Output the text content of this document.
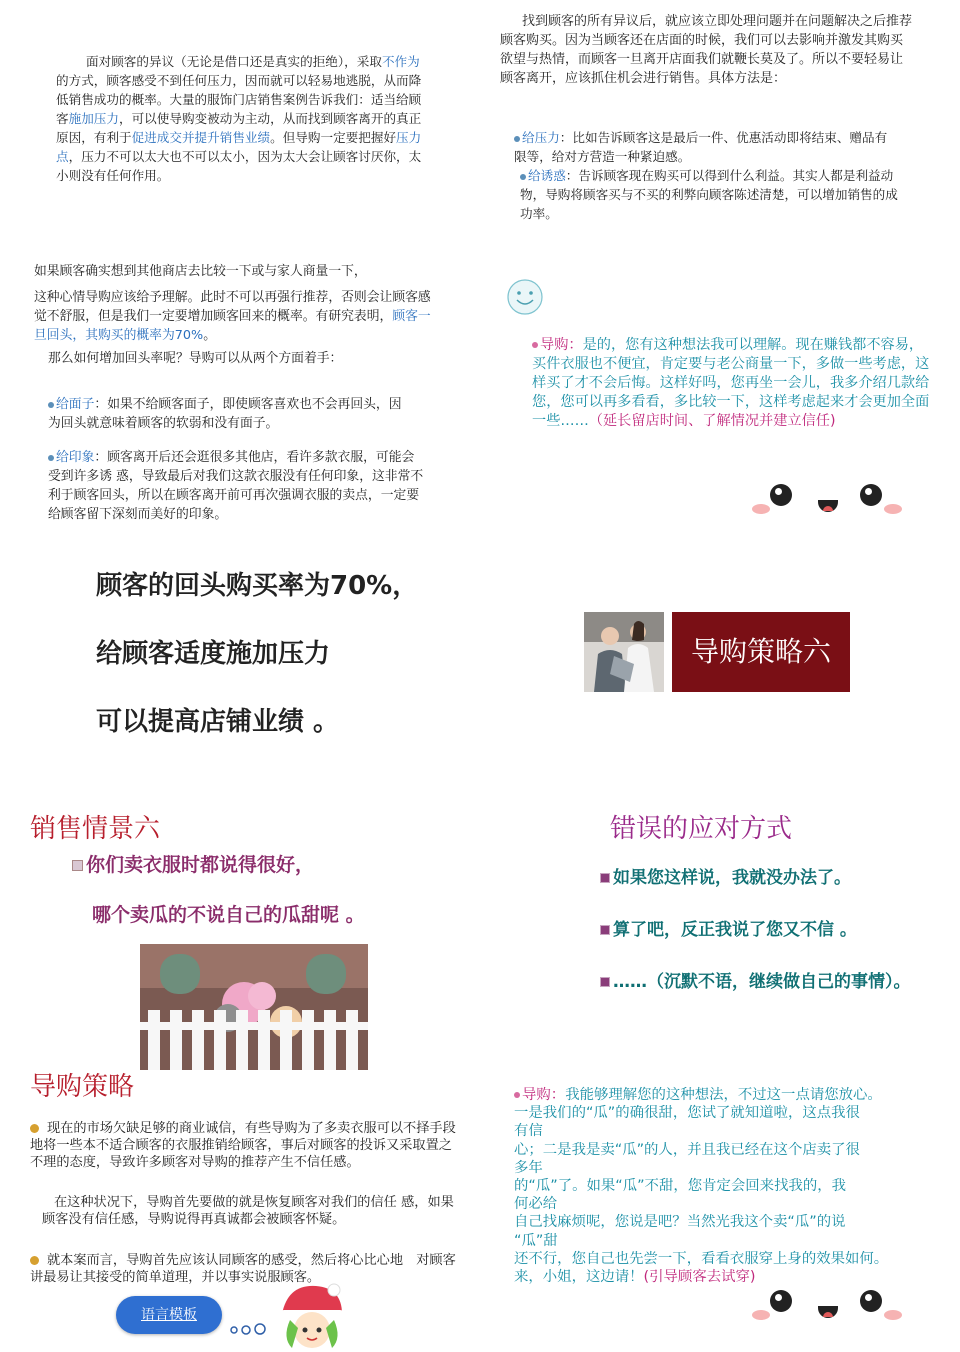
面对顾客的异议（无论是借口还是真实的拒绝），采取不作为的方式，顾客感受不到任何压力，因而就可以轻易地逃脱，从而降低销售成功的概率。大量的服饰门店销售案例告诉我们：适当给顾客施加压力，可以使导购变被动为主动，从而找到顾客离开的真正原因，有利于促进成交并提升销售业绩。但导购一定要把握好压力点，压力不可以太大也不可以太小，因为太大会让顾客讨厌你，太小则没有任何作用。
找到顾客的所有异议后，就应该立即处理问题并在问题解决之后推荐顾客购买。因为当顾客还在店面的时候，我们可以去影响并激发其购买欲望与热情，而顾客一旦离开店面我们就鞭长莫及了。所以不要轻易让顾客离开，应该抓住机会进行销售。具体方法是：
给压力：比如告诉顾客这是最后一件、优惠活动即将结束、赠品有限等，给对方营造一种紧迫感。
给诱惑：告诉顾客现在购买可以得到什么利益。其实人都是利益动物，导购将顾客买与不买的利弊向顾客陈述清楚，可以增加销售的成功率。
如果顾客确实想到其他商店去比较一下或与家人商量一下，
这种心情导购应该给予理解。此时不可以再强行推荐，否则会让顾客感觉不舒服，但是我们一定要增加顾客回来的概率。有研究表明，顾客一旦回头，其购买的概率为70%。
那么如何增加回头率呢？导购可以从两个方面着手：
给面子：如果不给顾客面子，即使顾客喜欢也不会再回头，因为回头就意味着顾客的软弱和没有面子。
给印象：顾客离开后还会逛很多其他店，看许多款衣服，可能会受到许多诱 惑，导致最后对我们这款衣服没有任何印象，这非常不利于顾客回头，所以在顾客离开前可再次强调衣服的卖点，一定要给顾客留下深刻而美好的印象。
导购：是的，您有这种想法我可以理解。现在赚钱都不容易，买件衣服也不便宜，肯定要与老公商量一下，多做一些考虑，这样买了才不会后悔。这样好吗，您再坐一会儿，我多介绍几款给您，您可以再多看看，多比较一下，这样考虑起来才会更加全面一些……（延长留店时间、了解情况并建立信任)
顾客的回头购买率为70%，
给顾客适度施加压力
可以提高店铺业绩 。
导购策略六
销售情景六
你们卖衣服时都说得很好，
哪个卖瓜的不说自己的瓜甜呢 。
错误的应对方式
如果您这样说，我就没办法了。
算了吧，反正我说了您又不信 。
……（沉默不语，继续做自己的事情）。
导购策略
现在的市场欠缺足够的商业诚信，有些导购为了多卖衣服可以不择手段地将一些本不适合顾客的衣服推销给顾客，事后对顾客的投诉又采取置之不理的态度，导致许多顾客对导购的推荐产生不信任感。
在这种状况下，导购首先要做的就是恢复顾客对我们的信任 感，如果顾客没有信任感，导购说得再真诚都会被顾客怀疑。
就本案而言，导购首先应该认同顾客的感受，然后将心比心地　对顾客讲最易让其接受的简单道理，并以事实说服顾客。
语言模板
导购：我能够理解您的这种想法，不过这一点请您放心。
一是我们的“瓜”的确很甜，您试了就知道啦，这点我很
有信
心；二是我是卖“瓜”的人，并且我已经在这个店卖了很
多年
的“瓜”了。如果“瓜”不甜，您肯定会回来找我的，我
何必给
自己找麻烦呢，您说是吧？当然光我这个卖“瓜”的说
“瓜”甜
还不行，您自己也先尝一下，看看衣服穿上身的效果如何。
来，小姐，这边请！(引导顾客去试穿)
